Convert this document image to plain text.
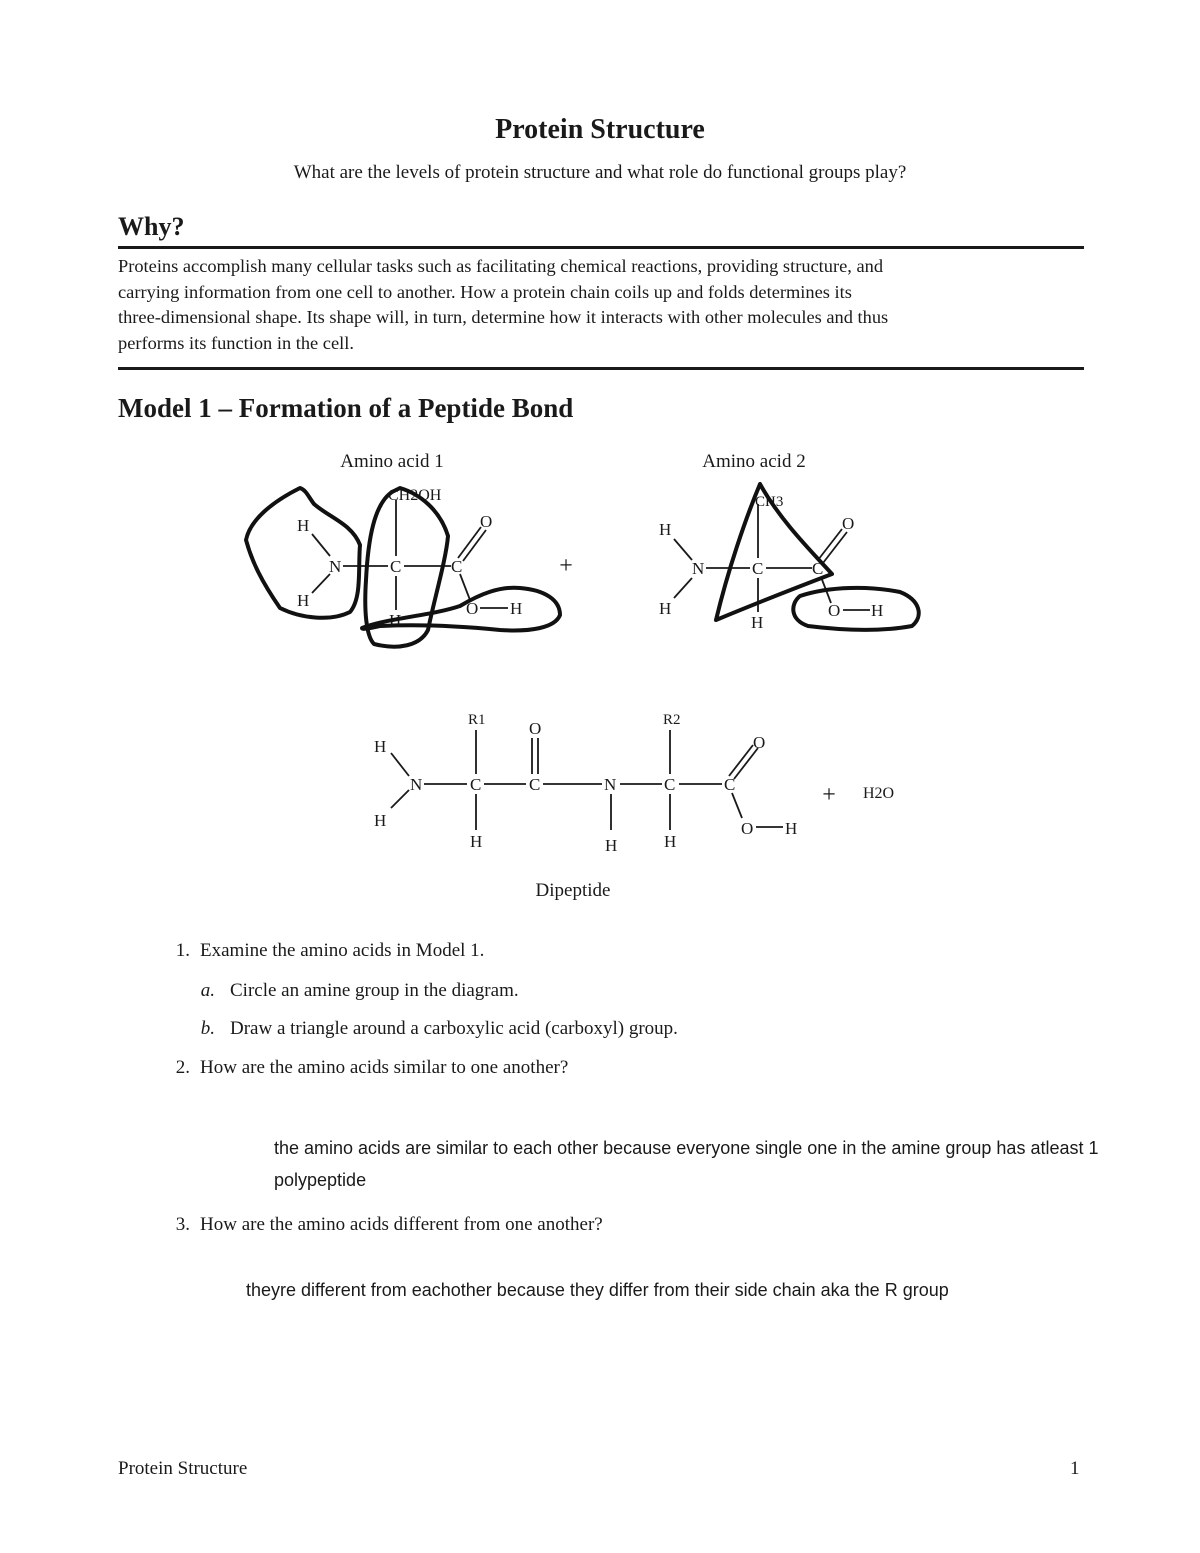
Protein Structure
What are the levels of protein structure and what role do functional groups play?
Why?
Proteins accomplish many cellular tasks such as facilitating chemical reactions, providing structure, and
carrying information from one cell to another. How a protein chain coils up and folds determines its
three-dimensional shape. Its shape will, in turn, determine how it interacts with other molecules and thus
performs its function in the cell.
Model 1 – Formation of a Peptide Bond
Amino acid 1	Amino acid 2
H
H
N	C	C
O
O H
H
CH2OH
+
H
H
N	C	C
O
O H
H
CH3
H
H
N	C	C
O
N	C	C
O
O H
H	H	H
R1	R2
+ H2O
Dipeptide
1. Examine the amino acids in Model 1.
a. Circle an amine group in the diagram.
b. Draw a triangle around a carboxylic acid (carboxyl) group.
2. How are the amino acids similar to one another?
the amino acids are similar to each other because everyone single one in the amine group has atleast 1
polypeptide
3. How are the amino acids different from one another?
theyre different from eachother because they differ from their side chain aka the R group
Protein Structure	1
